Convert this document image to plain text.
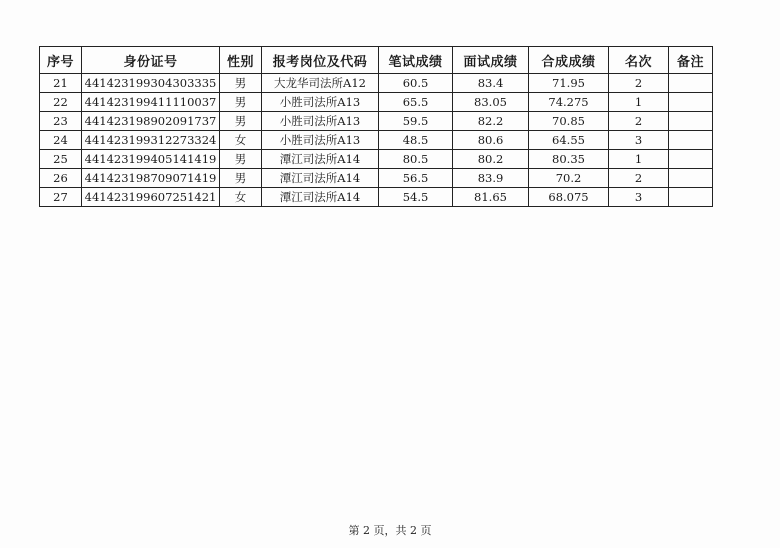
序号	身份证号	性别	报考岗位及代码	笔试成绩	面试成绩	合成成绩	名次	备注
21	441423199304303335	男	大龙华司法所A12	60.5	83.4	71.95	2	
22	441423199411110037	男	小胜司法所A13	65.5	83.05	74.275	1	
23	441423198902091737	男	小胜司法所A13	59.5	82.2	70.85	2	
24	441423199312273324	女	小胜司法所A13	48.5	80.6	64.55	3	
25	441423199405141419	男	潭江司法所A14	80.5	80.2	80.35	1	
26	441423198709071419	男	潭江司法所A14	56.5	83.9	70.2	2	
27	441423199607251421	女	潭江司法所A14	54.5	81.65	68.075	3	
第 2 页，共 2 页
